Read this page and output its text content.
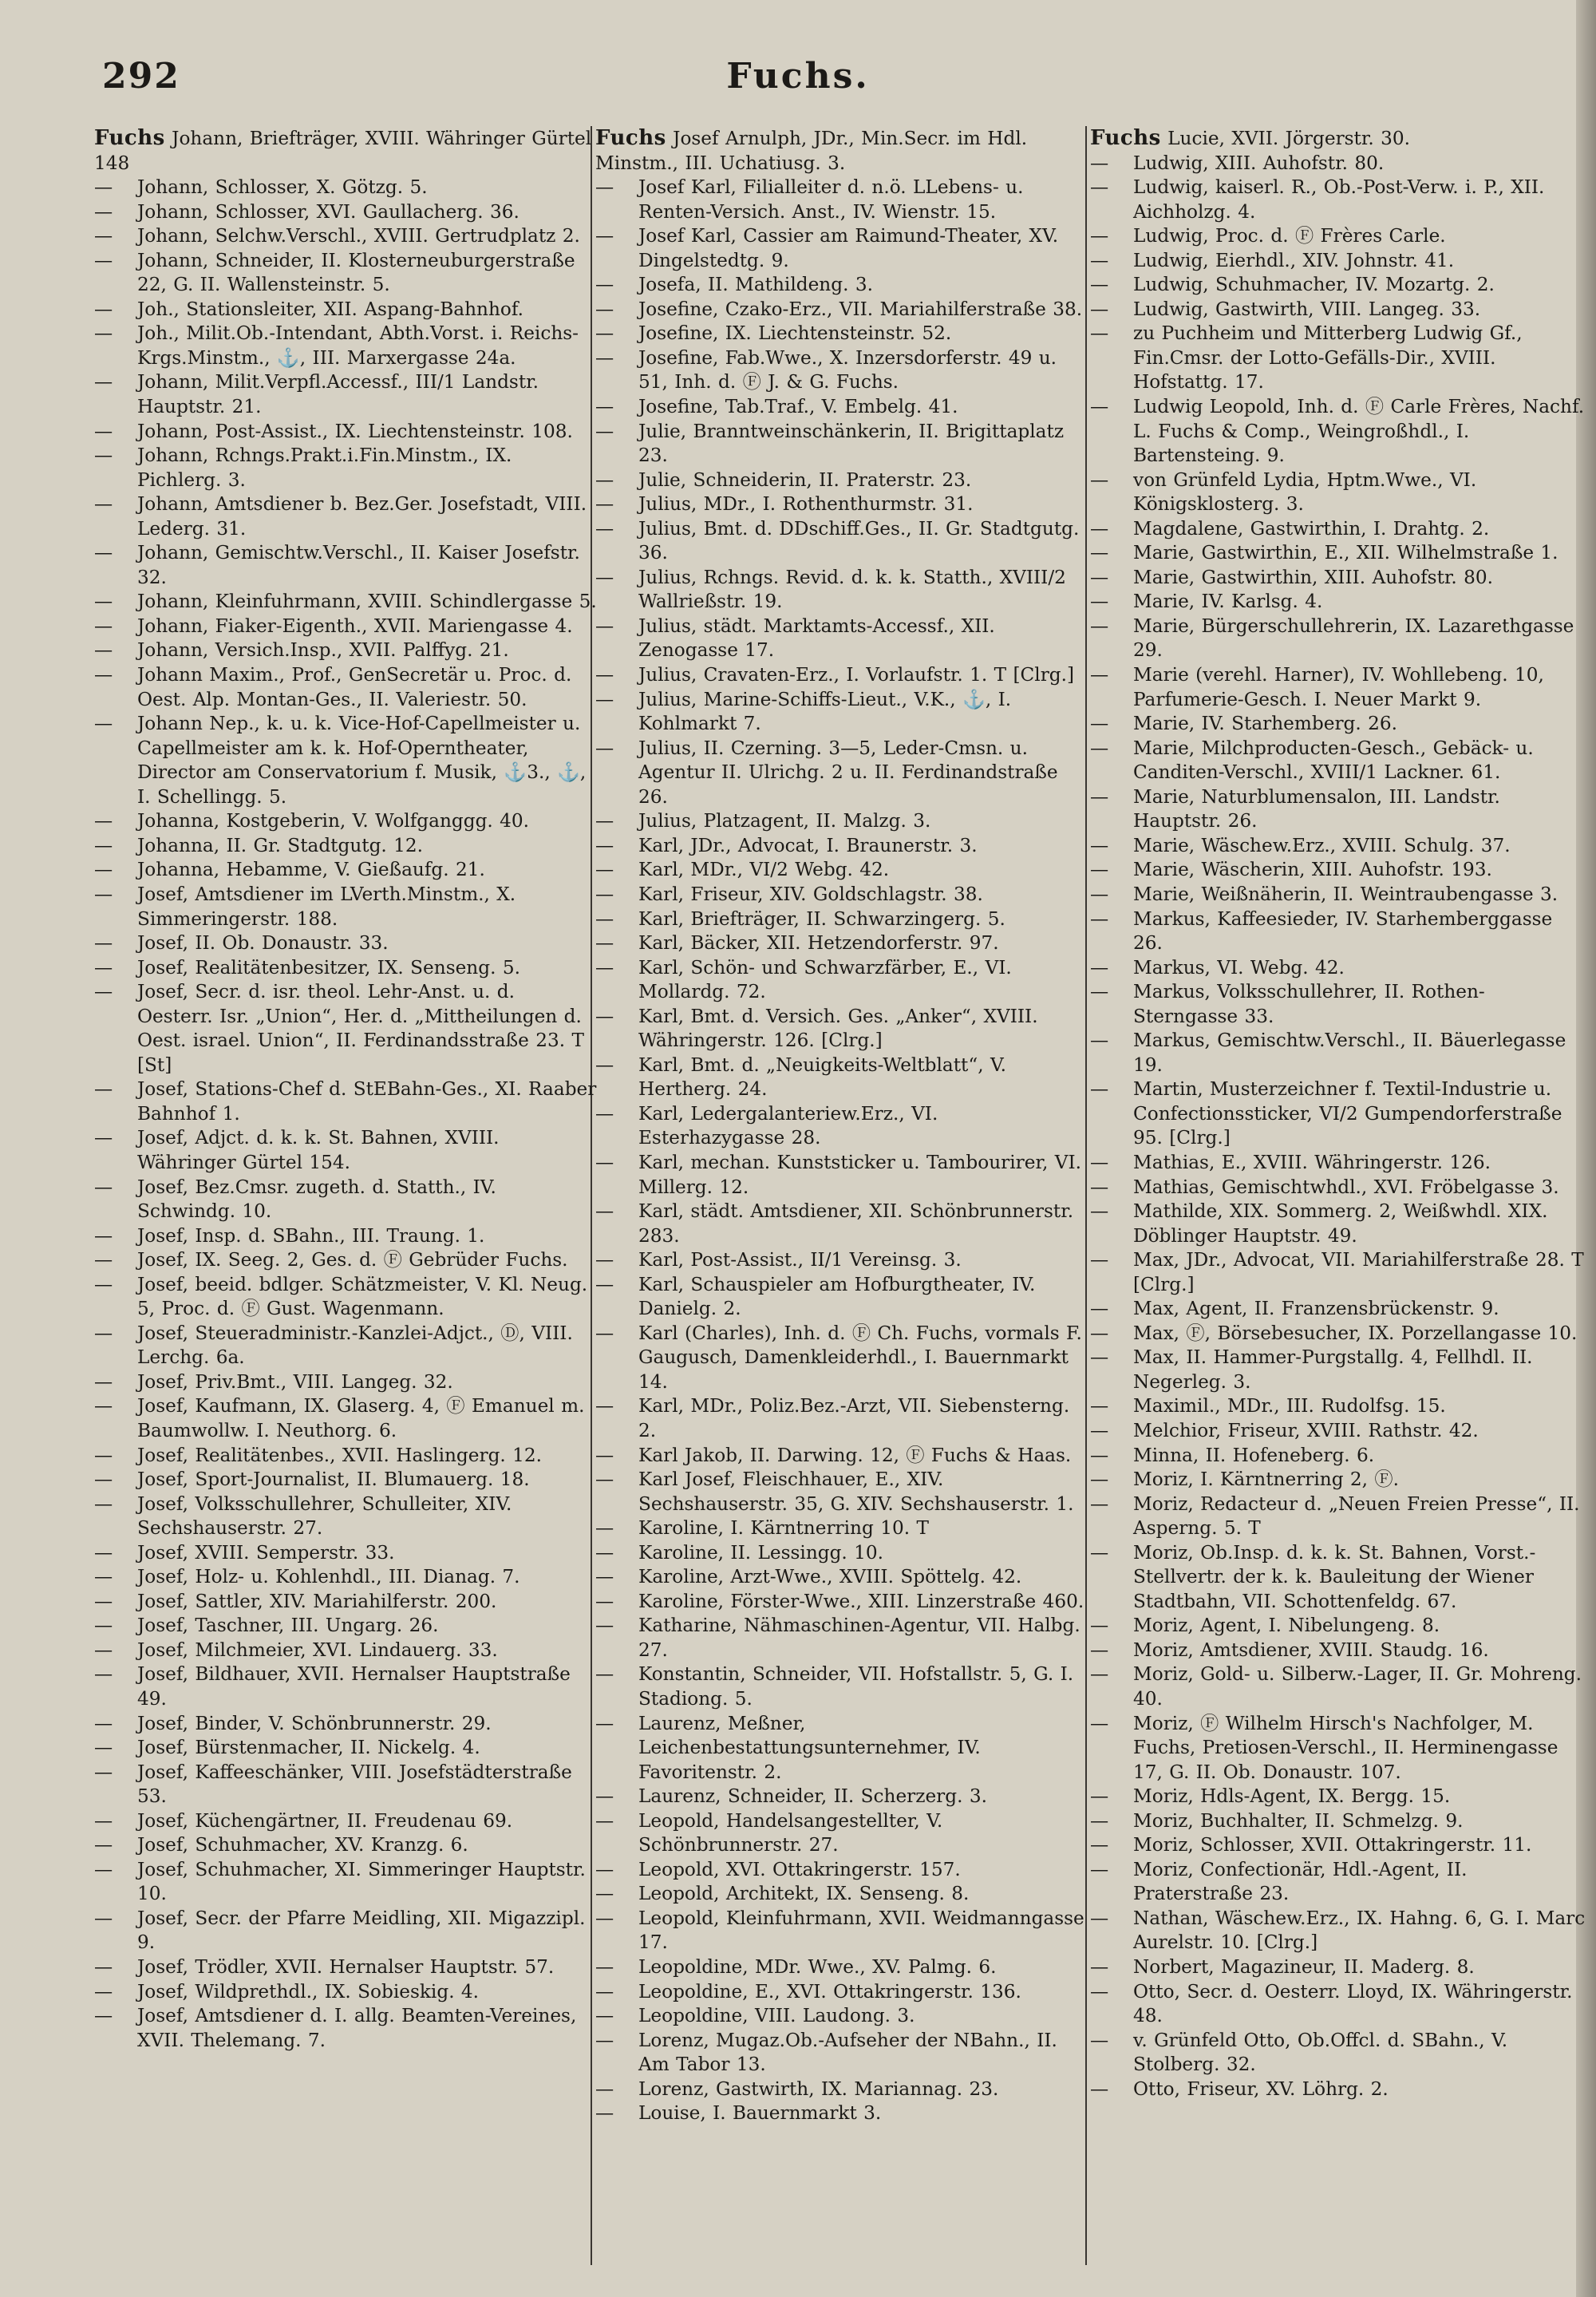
292	Fuchs.

Fuchs Johann, Briefträger, XVIII. Währinger Gürtel 148

— Johann, Schlosser, X. Götzg. 5.

— Johann, Schlosser, XVI. Gaullacherg. 36.

— Johann, Selchw.Verschl., XVIII. Gertrudplatz 2.

— Johann, Schneider, II. Klosterneuburgerstraße 22, G. II. Wallensteinstr. 5.

— Joh., Stationsleiter, XII. Aspang-Bahnhof.

— Joh., Milit.Ob.-Intendant, Abth.Vorst. i. Reichs-Krgs.Minstm., ⚓, III. Marxergasse 24a.

— Johann, Milit.Verpfl.Accessf., III/1 Landstr. Hauptstr. 21.

— Johann, Post-Assist., IX. Liechtensteinstr. 108.

— Johann, Rchngs.Prakt.i.Fin.Minstm., IX. Pichlerg. 3.

— Johann, Amtsdiener b. Bez.Ger. Josefstadt, VIII. Lederg. 31.

— Johann, Gemischtw.Verschl., II. Kaiser Josefstr. 32.

— Johann, Kleinfuhrmann, XVIII. Schindlergasse 5.

— Johann, Fiaker-Eigenth., XVII. Mariengasse 4.

— Johann, Versich.Insp., XVII. Palffyg. 21.

— Johann Maxim., Prof., GenSecretär u. Proc. d. Oest. Alp. Montan-Ges., II. Valeriestr. 50.

— Johann Nep., k. u. k. Vice-Hof-Capellmeister u. Capellmeister am k. k. Hof-Operntheater, Director am Conservatorium f. Musik, ⚓3., ⚓, I. Schellingg. 5.

— Johanna, Kostgeberin, V. Wolfganggg. 40.

— Johanna, II. Gr. Stadtgutg. 12.

— Johanna, Hebamme, V. Gießaufg. 21.

— Josef, Amtsdiener im LVerth.Minstm., X. Simmeringerstr. 188.

— Josef, II. Ob. Donaustr. 33.

— Josef, Realitätenbesitzer, IX. Senseng. 5.

— Josef, Secr. d. isr. theol. Lehr-Anst. u. d. Oesterr. Isr. „Union“, Her. d. „Mittheilungen d. Oest. israel. Union“, II. Ferdinandsstraße 23. T [St]

— Josef, Stations-Chef d. StEBahn-Ges., XI. Raaber Bahnhof 1.

— Josef, Adjct. d. k. k. St. Bahnen, XVIII. Währinger Gürtel 154.

— Josef, Bez.Cmsr. zugeth. d. Statth., IV. Schwindg. 10.

— Josef, Insp. d. SBahn., III. Traung. 1.

— Josef, IX. Seeg. 2, Ges. d. Ⓕ Gebrüder Fuchs.

— Josef, beeid. bdlger. Schätzmeister, V. Kl. Neug. 5, Proc. d. Ⓕ Gust. Wagenmann.

— Josef, Steueradministr.-Kanzlei-Adjct., Ⓓ, VIII. Lerchg. 6a.

— Josef, Priv.Bmt., VIII. Langeg. 32.

— Josef, Kaufmann, IX. Glaserg. 4, Ⓕ Emanuel m. Baumwollw. I. Neuthorg. 6.

— Josef, Realitätenbes., XVII. Haslingerg. 12.

— Josef, Sport-Journalist, II. Blumauerg. 18.

— Josef, Volksschullehrer, Schulleiter, XIV. Sechshauserstr. 27.

— Josef, XVIII. Semperstr. 33.

— Josef, Holz- u. Kohlenhdl., III. Dianag. 7.

— Josef, Sattler, XIV. Mariahilferstr. 200.

— Josef, Taschner, III. Ungarg. 26.

— Josef, Milchmeier, XVI. Lindauerg. 33.

— Josef, Bildhauer, XVII. Hernalser Hauptstraße 49.

— Josef, Binder, V. Schönbrunnerstr. 29.

— Josef, Bürstenmacher, II. Nickelg. 4.

— Josef, Kaffeeschänker, VIII. Josefstädterstraße 53.

— Josef, Küchengärtner, II. Freudenau 69.

— Josef, Schuhmacher, XV. Kranzg. 6.

— Josef, Schuhmacher, XI. Simmeringer Hauptstr. 10.

— Josef, Secr. der Pfarre Meidling, XII. Migazzipl. 9.

— Josef, Trödler, XVII. Hernalser Hauptstr. 57.

— Josef, Wildprethdl., IX. Sobieskig. 4.

— Josef, Amtsdiener d. I. allg. Beamten-Vereines, XVII. Thelemang. 7.

Fuchs Josef Arnulph, JDr., Min.Secr. im Hdl. Minstm., III. Uchatiusg. 3.

— Josef Karl, Filialleiter d. n.ö. LLebens- u. Renten-Versich. Anst., IV. Wienstr. 15.

— Josef Karl, Cassier am Raimund-Theater, XV. Dingelstedtg. 9.

— Josefa, II. Mathildeng. 3.

— Josefine, Czako-Erz., VII. Mariahilferstraße 38.

— Josefine, IX. Liechtensteinstr. 52.

— Josefine, Fab.Wwe., X. Inzersdorferstr. 49 u. 51, Inh. d. Ⓕ J. & G. Fuchs.

— Josefine, Tab.Traf., V. Embelg. 41.

— Julie, Branntweinschänkerin, II. Brigittaplatz 23.

— Julie, Schneiderin, II. Praterstr. 23.

— Julius, MDr., I. Rothenthurmstr. 31.

— Julius, Bmt. d. DDschiff.Ges., II. Gr. Stadtgutg. 36.

— Julius, Rchngs. Revid. d. k. k. Statth., XVIII/2 Wallrießstr. 19.

— Julius, städt. Marktamts-Accessf., XII. Zenogasse 17.

— Julius, Cravaten-Erz., I. Vorlaufstr. 1. T [Clrg.]

— Julius, Marine-Schiffs-Lieut., V.K., ⚓, I. Kohlmarkt 7.

— Julius, II. Czerning. 3—5, Leder-Cmsn. u. Agentur II. Ulrichg. 2 u. II. Ferdinandstraße 26.

— Julius, Platzagent, II. Malzg. 3.

— Karl, JDr., Advocat, I. Braunerstr. 3.

— Karl, MDr., VI/2 Webg. 42.

— Karl, Friseur, XIV. Goldschlagstr. 38.

— Karl, Briefträger, II. Schwarzingerg. 5.

— Karl, Bäcker, XII. Hetzendorferstr. 97.

— Karl, Schön- und Schwarzfärber, E., VI. Mollardg. 72.

— Karl, Bmt. d. Versich. Ges. „Anker“, XVIII. Währingerstr. 126. [Clrg.]

— Karl, Bmt. d. „Neuigkeits-Weltblatt“, V. Hertherg. 24.

— Karl, Ledergalanteriew.Erz., VI. Esterhazygasse 28.

— Karl, mechan. Kunststicker u. Tambourirer, VI. Millerg. 12.

— Karl, städt. Amtsdiener, XII. Schönbrunnerstr. 283.

— Karl, Post-Assist., II/1 Vereinsg. 3.

— Karl, Schauspieler am Hofburgtheater, IV. Danielg. 2.

— Karl (Charles), Inh. d. Ⓕ Ch. Fuchs, vormals F. Gaugusch, Damenkleiderhdl., I. Bauernmarkt 14.

— Karl, MDr., Poliz.Bez.-Arzt, VII. Siebensterng. 2.

— Karl Jakob, II. Darwing. 12, Ⓕ Fuchs & Haas.

— Karl Josef, Fleischhauer, E., XIV. Sechshauserstr. 35, G. XIV. Sechshauserstr. 1.

— Karoline, I. Kärntnerring 10. T

— Karoline, II. Lessingg. 10.

— Karoline, Arzt-Wwe., XVIII. Spöttelg. 42.

— Karoline, Förster-Wwe., XIII. Linzerstraße 460.

— Katharine, Nähmaschinen-Agentur, VII. Halbg. 27.

— Konstantin, Schneider, VII. Hofstallstr. 5, G. I. Stadiong. 5.

— Laurenz, Meßner, Leichenbestattungsunternehmer, IV. Favoritenstr. 2.

— Laurenz, Schneider, II. Scherzerg. 3.

— Leopold, Handelsangestellter, V. Schönbrunnerstr. 27.

— Leopold, XVI. Ottakringerstr. 157.

— Leopold, Architekt, IX. Senseng. 8.

— Leopold, Kleinfuhrmann, XVII. Weidmanngasse 17.

— Leopoldine, MDr. Wwe., XV. Palmg. 6.

— Leopoldine, E., XVI. Ottakringerstr. 136.

— Leopoldine, VIII. Laudong. 3.

— Lorenz, Mugaz.Ob.-Aufseher der NBahn., II. Am Tabor 13.

— Lorenz, Gastwirth, IX. Mariannag. 23.

— Louise, I. Bauernmarkt 3.

Fuchs Lucie, XVII. Jörgerstr. 30.

— Ludwig, XIII. Auhofstr. 80.

— Ludwig, kaiserl. R., Ob.-Post-Verw. i. P., XII. Aichholzg. 4.

— Ludwig, Proc. d. Ⓕ Frères Carle.

— Ludwig, Eierhdl., XIV. Johnstr. 41.

— Ludwig, Schuhmacher, IV. Mozartg. 2.

— Ludwig, Gastwirth, VIII. Langeg. 33.

— zu Puchheim und Mitterberg Ludwig Gf., Fin.Cmsr. der Lotto-Gefälls-Dir., XVIII. Hofstattg. 17.

— Ludwig Leopold, Inh. d. Ⓕ Carle Frères, Nachf. L. Fuchs & Comp., Weingroßhdl., I. Bartensteing. 9.

— von Grünfeld Lydia, Hptm.Wwe., VI. Königsklosterg. 3.

— Magdalene, Gastwirthin, I. Drahtg. 2.

— Marie, Gastwirthin, E., XII. Wilhelmstraße 1.

— Marie, Gastwirthin, XIII. Auhofstr. 80.

— Marie, IV. Karlsg. 4.

— Marie, Bürgerschullehrerin, IX. Lazarethgasse 29.

— Marie (verehl. Harner), IV. Wohllebeng. 10, Parfumerie-Gesch. I. Neuer Markt 9.

— Marie, IV. Starhemberg. 26.

— Marie, Milchproducten-Gesch., Gebäck- u. Canditen-Verschl., XVIII/1 Lackner. 61.

— Marie, Naturblumensalon, III. Landstr. Hauptstr. 26.

— Marie, Wäschew.Erz., XVIII. Schulg. 37.

— Marie, Wäscherin, XIII. Auhofstr. 193.

— Marie, Weißnäherin, II. Weintraubengasse 3.

— Markus, Kaffeesieder, IV. Starhemberggasse 26.

— Markus, VI. Webg. 42.

— Markus, Volksschullehrer, II. Rothen-Sterngasse 33.

— Markus, Gemischtw.Verschl., II. Bäuerlegasse 19.

— Martin, Musterzeichner f. Textil-Industrie u. Confectionssticker, VI/2 Gumpendorferstraße 95. [Clrg.]

— Mathias, E., XVIII. Währingerstr. 126.

— Mathias, Gemischtwhdl., XVI. Fröbelgasse 3.

— Mathilde, XIX. Sommerg. 2, Weißwhdl. XIX. Döblinger Hauptstr. 49.

— Max, JDr., Advocat, VII. Mariahilferstraße 28. T [Clrg.]

— Max, Agent, II. Franzensbrückenstr. 9.

— Max, Ⓕ, Börsebesucher, IX. Porzellangasse 10.

— Max, II. Hammer-Purgstallg. 4, Fellhdl. II. Negerleg. 3.

— Maximil., MDr., III. Rudolfsg. 15.

— Melchior, Friseur, XVIII. Rathstr. 42.

— Minna, II. Hofeneberg. 6.

— Moriz, I. Kärntnerring 2, Ⓕ.

— Moriz, Redacteur d. „Neuen Freien Presse“, II. Asperng. 5. T

— Moriz, Ob.Insp. d. k. k. St. Bahnen, Vorst.-Stellvertr. der k. k. Bauleitung der Wiener Stadtbahn, VII. Schottenfeldg. 67.

— Moriz, Agent, I. Nibelungeng. 8.

— Moriz, Amtsdiener, XVIII. Staudg. 16.

— Moriz, Gold- u. Silberw.-Lager, II. Gr. Mohreng. 40.

— Moriz, Ⓕ Wilhelm Hirsch's Nachfolger, M. Fuchs, Pretiosen-Verschl., II. Herminengasse 17, G. II. Ob. Donaustr. 107.

— Moriz, Hdls-Agent, IX. Bergg. 15.

— Moriz, Buchhalter, II. Schmelzg. 9.

— Moriz, Schlosser, XVII. Ottakringerstr. 11.

— Moriz, Confectionär, Hdl.-Agent, II. Praterstraße 23.

— Nathan, Wäschew.Erz., IX. Hahng. 6, G. I. Marc Aurelstr. 10. [Clrg.]

— Norbert, Magazineur, II. Maderg. 8.

— Otto, Secr. d. Oesterr. Lloyd, IX. Währingerstr. 48.

— v. Grünfeld Otto, Ob.Offcl. d. SBahn., V. Stolberg. 32.

— Otto, Friseur, XV. Löhrg. 2.
